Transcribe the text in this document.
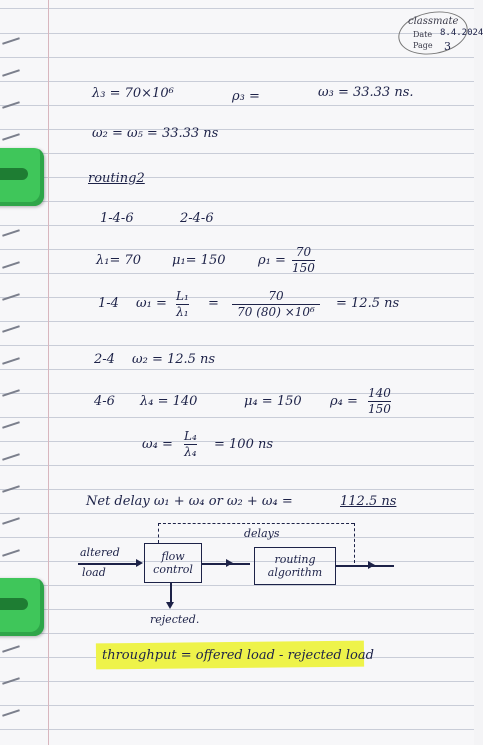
classmate
Date 8.4.2024
Page 3
λ₃ = 70×10⁶	ρ₃ =	ω₃ = 33.33 ns.
ω₂ = ω₅ = 33.33 ns
routing2
1-4-6	2-4-6
λ₁= 70 μ₁= 150	ρ₁ =
70
150
1-4 ω₁ = L₁
λ₁
=	70
70 (80) ×10⁶
= 12.5 ns
2-4 ω₂ = 12.5 ns
4-6 λ₄ = 140	μ₄ = 150 ρ₄ =
140
150
ω₄ =
L₄
λ₄
= 100 ns
Net delay ω₁ + ω₄ or ω₂ + ω₄ =	112.5 ns
delays
altered
load
flow
control
routing
algorithm
rejected.
throughput = offered load - rejected load
